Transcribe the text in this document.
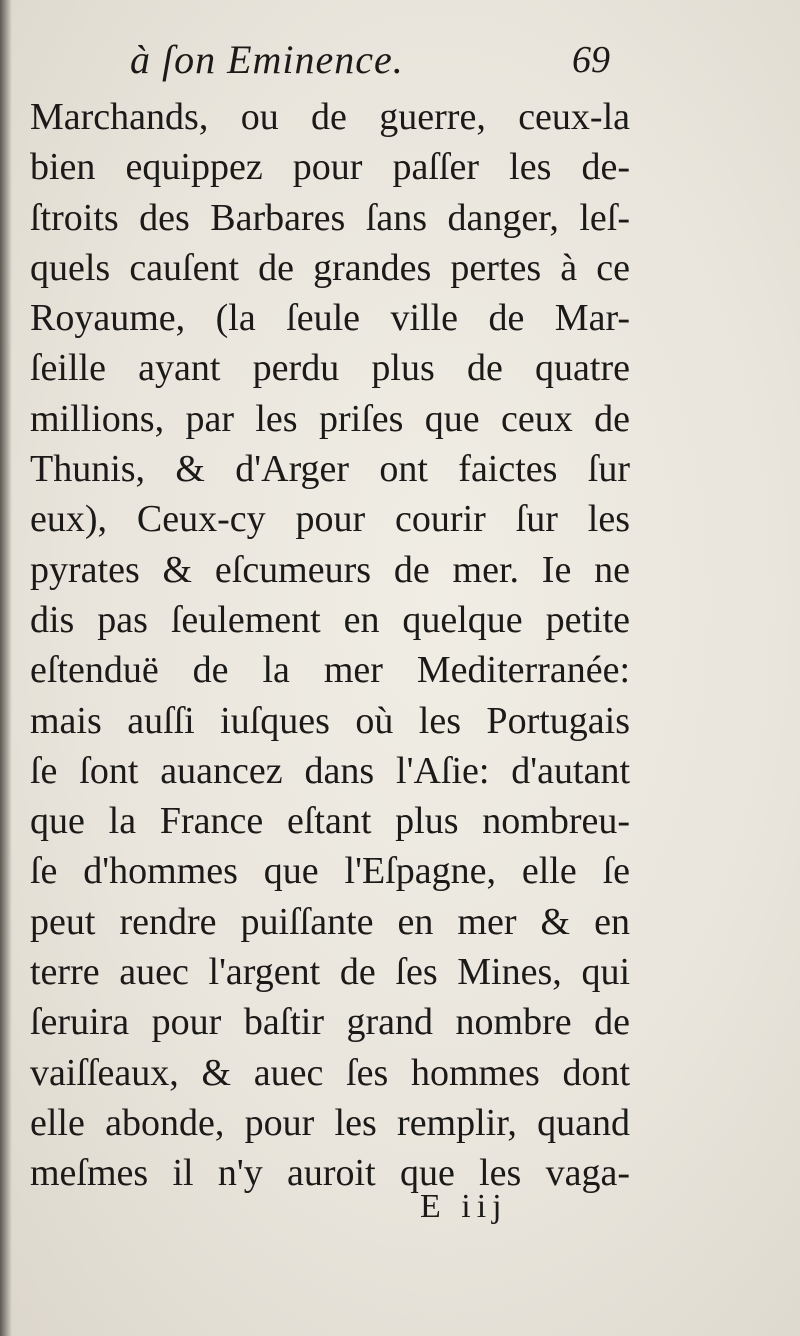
à ſon Eminence.	69
Marchands, ou de guerre, ceux-la
bien equippez pour paſſer les de-
ſtroits des Barbares ſans danger, leſ-
quels cauſent de grandes pertes à ce
Royaume, (la ſeule ville de Mar-
ſeille ayant perdu plus de quatre
millions, par les priſes que ceux de
Thunis, & d'Arger ont faictes ſur
eux), Ceux-cy pour courir ſur les
pyrates & eſcumeurs de mer. Ie ne
dis pas ſeulement en quelque petite
eſtenduë de la mer Mediterranée:
mais auſſi iuſques où les Portugais
ſe ſont auancez dans l'Aſie: d'autant
que la France eſtant plus nombreu-
ſe d'hommes que l'Eſpagne, elle ſe
peut rendre puiſſante en mer & en
terre auec l'argent de ſes Mines, qui
ſeruira pour baſtir grand nombre de
vaiſſeaux, & auec ſes hommes dont
elle abonde, pour les remplir, quand
meſmes il n'y auroit que les vaga-
E iij
